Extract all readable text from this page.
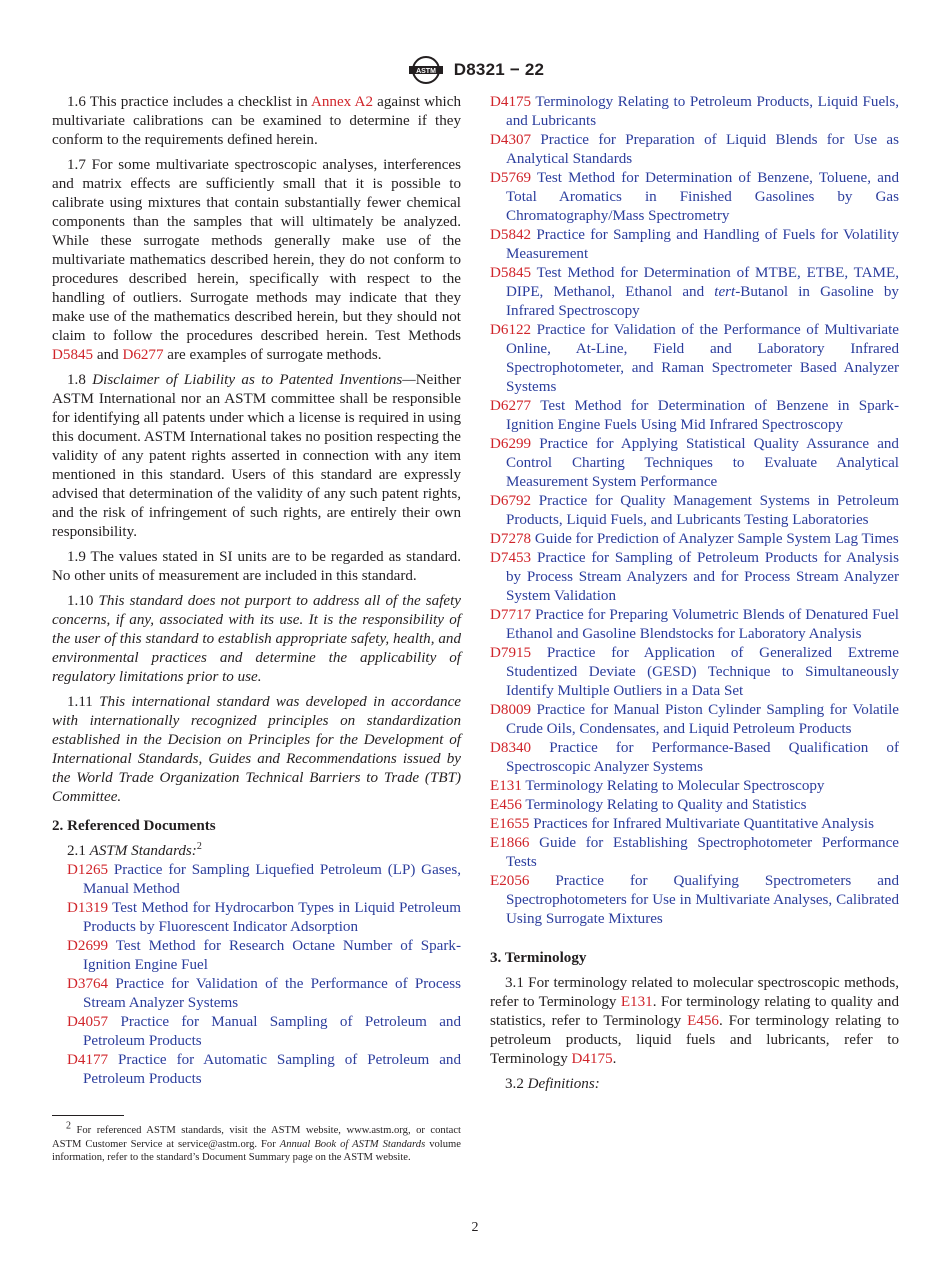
ASTM D8321 − 22

1.6 This practice includes a checklist in Annex A2 against which multivariate calibrations can be examined to determine if they conform to the requirements defined herein.

1.7 For some multivariate spectroscopic analyses, interferences and matrix effects are sufficiently small that it is possible to calibrate using mixtures that contain substantially fewer chemical components than the samples that will ultimately be analyzed. While these surrogate methods generally make use of the multivariate mathematics described herein, they do not conform to procedures described herein, specifically with respect to the handling of outliers. Surrogate methods may indicate that they make use of the mathematics described herein, but they should not claim to follow the procedures described herein. Test Methods D5845 and D6277 are examples of surrogate methods.

1.8 Disclaimer of Liability as to Patented Inventions—Neither ASTM International nor an ASTM committee shall be responsible for identifying all patents under which a license is required in using this document. ASTM International takes no position respecting the validity of any patent rights asserted in connection with any item mentioned in this standard. Users of this standard are expressly advised that determination of the validity of any such patent rights, and the risk of infringement of such rights, are entirely their own responsibility.

1.9 The values stated in SI units are to be regarded as standard. No other units of measurement are included in this standard.

1.10 This standard does not purport to address all of the safety concerns, if any, associated with its use. It is the responsibility of the user of this standard to establish appropriate safety, health, and environmental practices and determine the applicability of regulatory limitations prior to use.

1.11 This international standard was developed in accordance with internationally recognized principles on standardization established in the Decision on Principles for the Development of International Standards, Guides and Recommendations issued by the World Trade Organization Technical Barriers to Trade (TBT) Committee.

2. Referenced Documents

2.1 ASTM Standards:$^2$

D1265 Practice for Sampling Liquefied Petroleum (LP) Gases, Manual Method

D1319 Test Method for Hydrocarbon Types in Liquid Petroleum Products by Fluorescent Indicator Adsorption

D2699 Test Method for Research Octane Number of Spark-Ignition Engine Fuel

D3764 Practice for Validation of the Performance of Process Stream Analyzer Systems

D4057 Practice for Manual Sampling of Petroleum and Petroleum Products

D4177 Practice for Automatic Sampling of Petroleum and Petroleum Products

$^2$ For referenced ASTM standards, visit the ASTM website, www.astm.org, or contact ASTM Customer Service at service@astm.org. For Annual Book of ASTM Standards volume information, refer to the standard’s Document Summary page on the ASTM website.

D4175 Terminology Relating to Petroleum Products, Liquid Fuels, and Lubricants

D4307 Practice for Preparation of Liquid Blends for Use as Analytical Standards

D5769 Test Method for Determination of Benzene, Toluene, and Total Aromatics in Finished Gasolines by Gas Chromatography/Mass Spectrometry

D5842 Practice for Sampling and Handling of Fuels for Volatility Measurement

D5845 Test Method for Determination of MTBE, ETBE, TAME, DIPE, Methanol, Ethanol and tert-Butanol in Gasoline by Infrared Spectroscopy

D6122 Practice for Validation of the Performance of Multivariate Online, At-Line, Field and Laboratory Infrared Spectrophotometer, and Raman Spectrometer Based Analyzer Systems

D6277 Test Method for Determination of Benzene in Spark-Ignition Engine Fuels Using Mid Infrared Spectroscopy

D6299 Practice for Applying Statistical Quality Assurance and Control Charting Techniques to Evaluate Analytical Measurement System Performance

D6792 Practice for Quality Management Systems in Petroleum Products, Liquid Fuels, and Lubricants Testing Laboratories

D7278 Guide for Prediction of Analyzer Sample System Lag Times

D7453 Practice for Sampling of Petroleum Products for Analysis by Process Stream Analyzers and for Process Stream Analyzer System Validation

D7717 Practice for Preparing Volumetric Blends of Denatured Fuel Ethanol and Gasoline Blendstocks for Laboratory Analysis

D7915 Practice for Application of Generalized Extreme Studentized Deviate (GESD) Technique to Simultaneously Identify Multiple Outliers in a Data Set

D8009 Practice for Manual Piston Cylinder Sampling for Volatile Crude Oils, Condensates, and Liquid Petroleum Products

D8340 Practice for Performance-Based Qualification of Spectroscopic Analyzer Systems

E131 Terminology Relating to Molecular Spectroscopy

E456 Terminology Relating to Quality and Statistics

E1655 Practices for Infrared Multivariate Quantitative Analysis

E1866 Guide for Establishing Spectrophotometer Performance Tests

E2056 Practice for Qualifying Spectrometers and Spectrophotometers for Use in Multivariate Analyses, Calibrated Using Surrogate Mixtures

3. Terminology

3.1 For terminology related to molecular spectroscopic methods, refer to Terminology E131. For terminology relating to quality and statistics, refer to Terminology E456. For terminology relating to petroleum products, liquid fuels and lubricants, refer to Terminology D4175.

3.2 Definitions:

2
